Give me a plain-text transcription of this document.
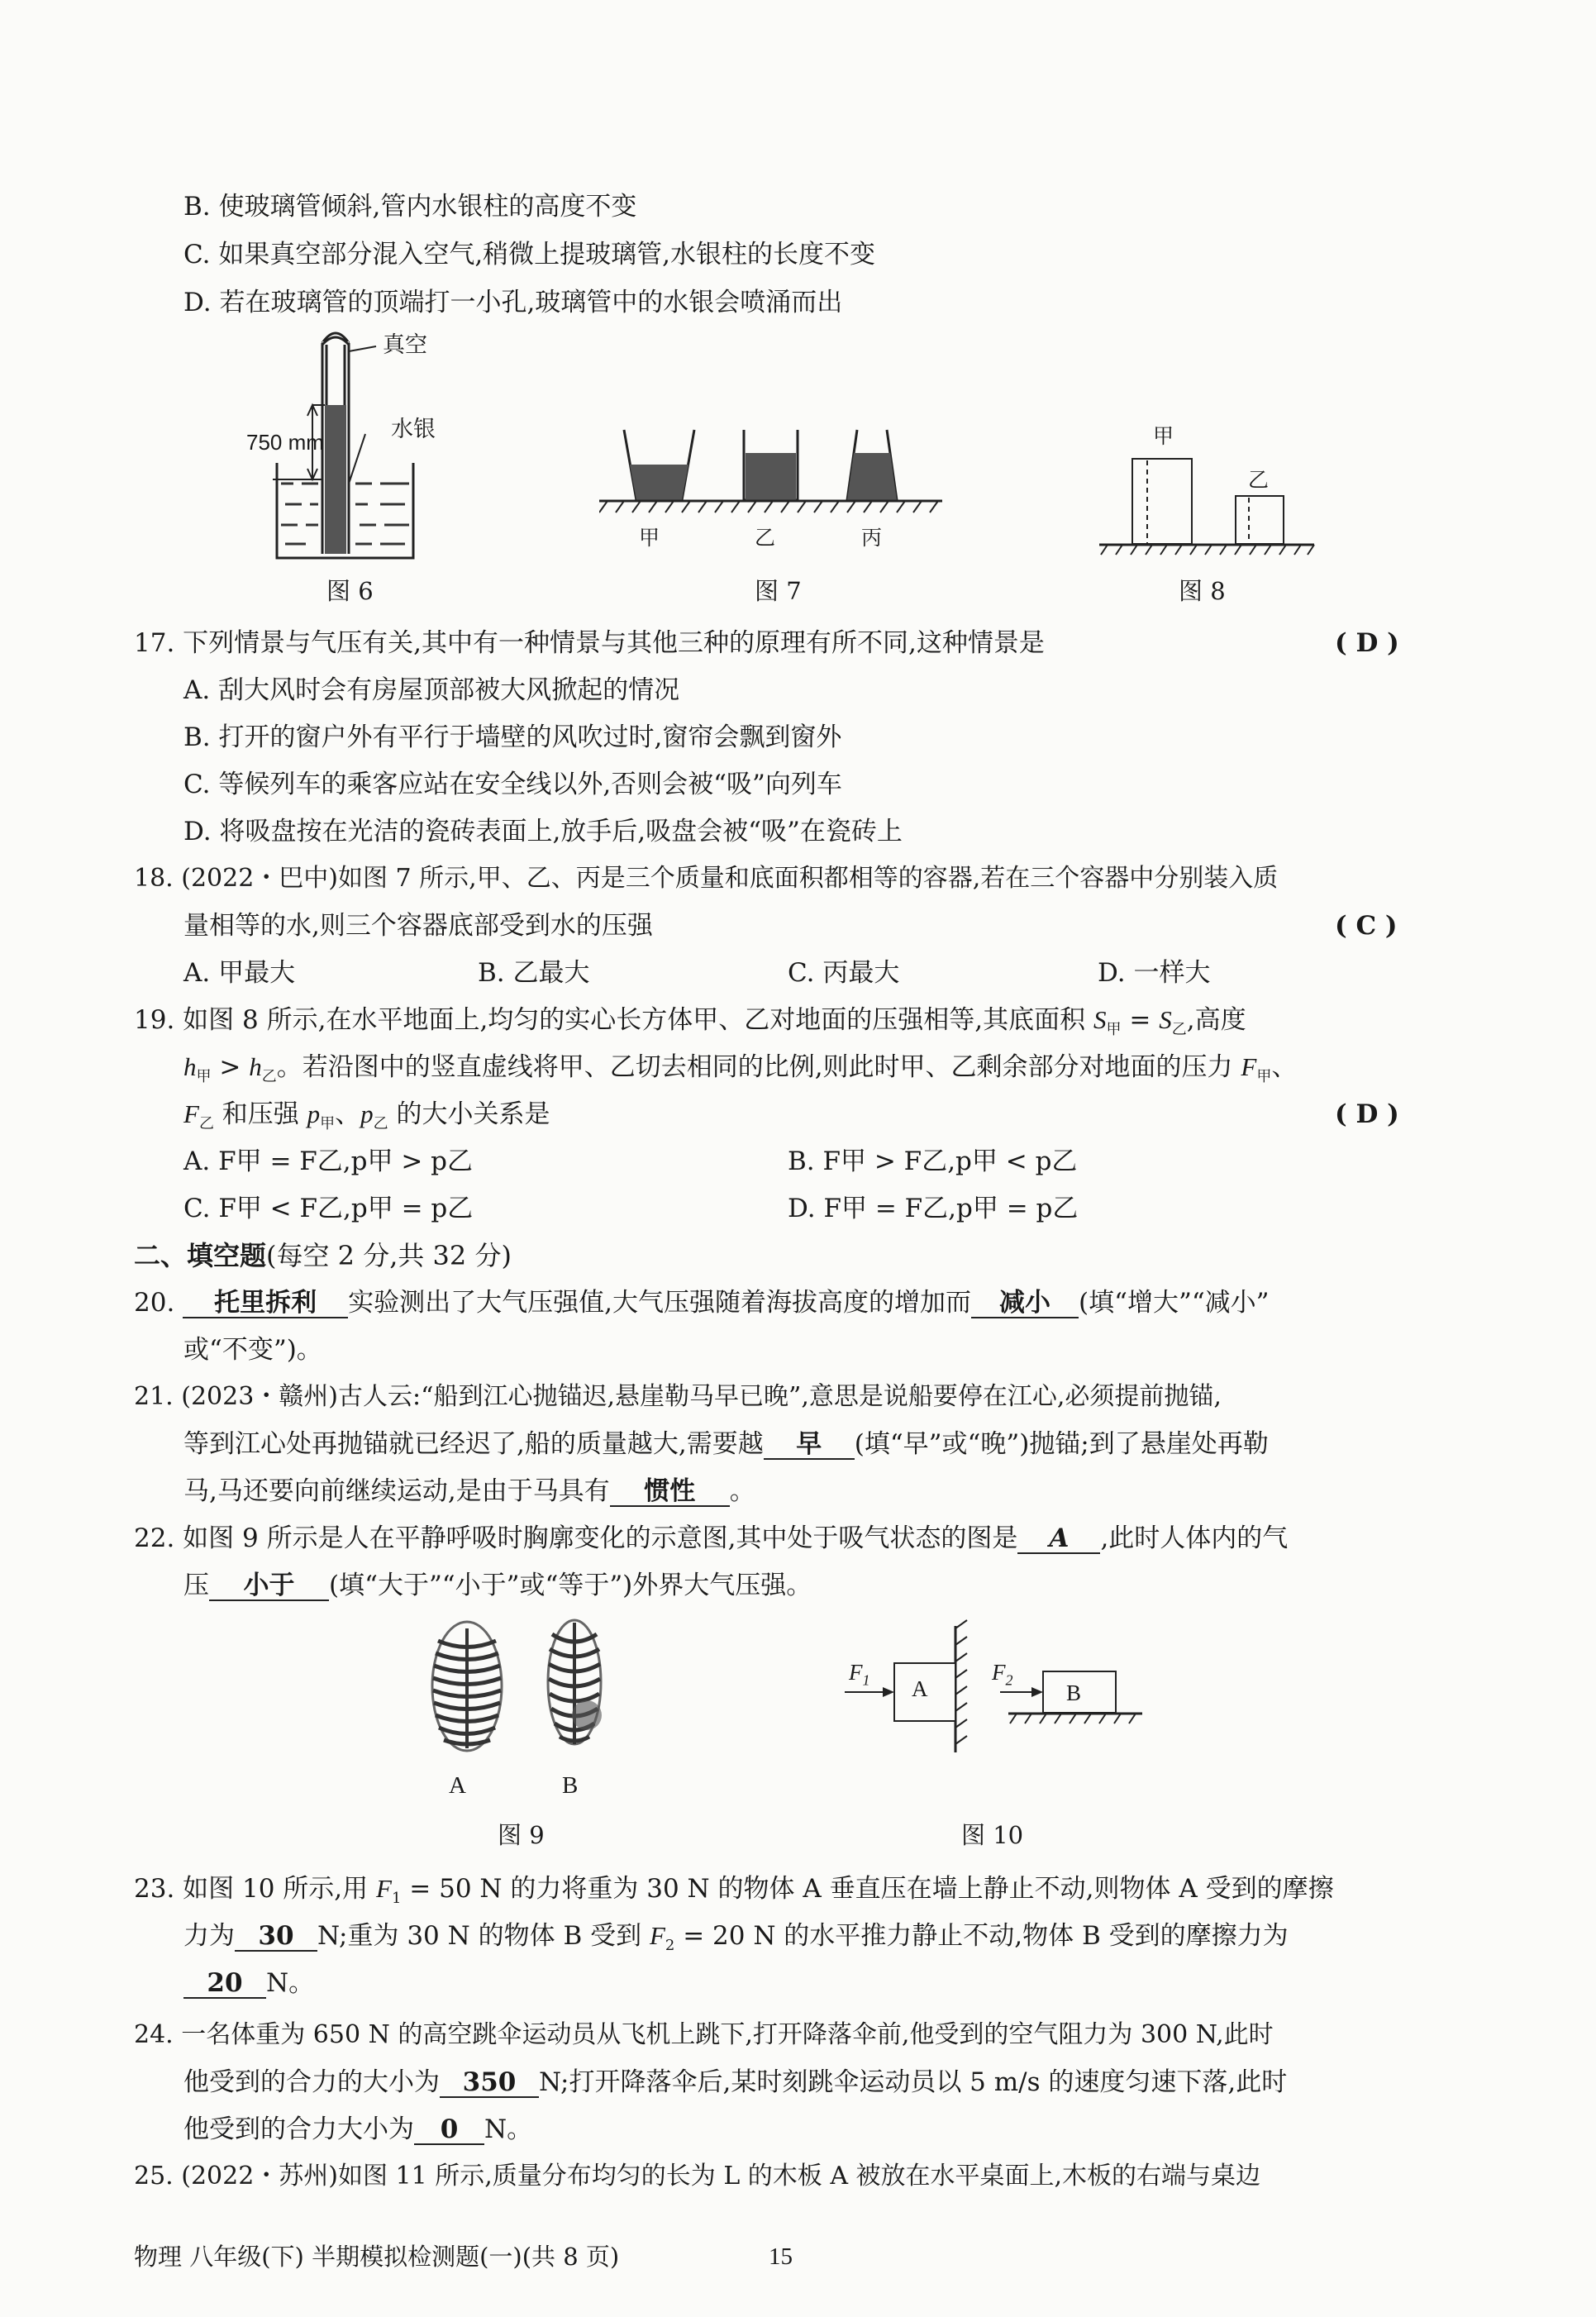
B. 使玻璃管倾斜,管内水银柱的高度不变
C. 如果真空部分混入空气,稍微上提玻璃管,水银柱的长度不变
D. 若在玻璃管的顶端打一小孔,玻璃管中的水银会喷涌而出
真空
水银
750 mm
图 6
甲	乙	丙
图 7
甲
乙
图 8
17. 下列情景与气压有关,其中有一种情景与其他三种的原理有所不同,这种情景是	( D )
A. 刮大风时会有房屋顶部被大风掀起的情况
B. 打开的窗户外有平行于墙壁的风吹过时,窗帘会飘到窗外
C. 等候列车的乘客应站在安全线以外,否则会被“吸”向列车
D. 将吸盘按在光洁的瓷砖表面上,放手后,吸盘会被“吸”在瓷砖上
18. (2022・巴中)如图 7 所示,甲、乙、丙是三个质量和底面积都相等的容器,若在三个容器中分别装入质
量相等的水,则三个容器底部受到水的压强	( C )
A. 甲最大	B. 乙最大	C. 丙最大	D. 一样大
19. 如图 8 所示,在水平地面上,均匀的实心长方体甲、乙对地面的压强相等,其底面积 $S_甲 = S_乙$,高度
$h_甲 > h_乙$。若沿图中的竖直虚线将甲、乙切去相同的比例,则此时甲、乙剩余部分对地面的压力 $F_甲$、
$F_乙$ 和压强 $p_甲$、$p_乙$ 的大小关系是	( D )
A. F甲 = F乙,p甲 > p乙	B. F甲 > F乙,p甲 < p乙
C. F甲 < F乙,p甲 = p乙	D. F甲 = F乙,p甲 = p乙
二、填空题(每空 2 分,共 32 分)
20. 托里拆利 实验测出了大气压强值,大气压强随着海拔高度的增加而 减小 (填“增大”“减小”
或“不变”)。
21. (2023・赣州)古人云:“船到江心抛锚迟,悬崖勒马早已晚”,意思是说船要停在江心,必须提前抛锚,
等到江心处再抛锚就已经迟了,船的质量越大,需要越 早 (填“早”或“晚”)抛锚;到了悬崖处再勒
马,马还要向前继续运动,是由于马具有 惯性 。
22. 如图 9 所示是人在平静呼吸时胸廓变化的示意图,其中处于吸气状态的图是 A ,此时人体内的气
压 小于 (填“大于”“小于”或“等于”)外界大气压强。
A	B
图 9
$F_1$ A
$F_2$
B
图 10
23. 如图 10 所示,用 $F_1 = 50$ N 的力将重为 30 N 的物体 A 垂直压在墙上静止不动,则物体 A 受到的摩擦
力为 30 N;重为 30 N 的物体 B 受到 $F_2 = 20$ N 的水平推力静止不动,物体 B 受到的摩擦力为
20 N。
24. 一名体重为 650 N 的高空跳伞运动员从飞机上跳下,打开降落伞前,他受到的空气阻力为 300 N,此时
他受到的合力的大小为 350 N;打开降落伞后,某时刻跳伞运动员以 5 m/s 的速度匀速下落,此时
他受到的合力大小为 0 N。
25. (2022・苏州)如图 11 所示,质量分布均匀的长为 L 的木板 A 被放在水平桌面上,木板的右端与桌边
物理 八年级(下) 半期模拟检测题(一)(共 8 页)	15
